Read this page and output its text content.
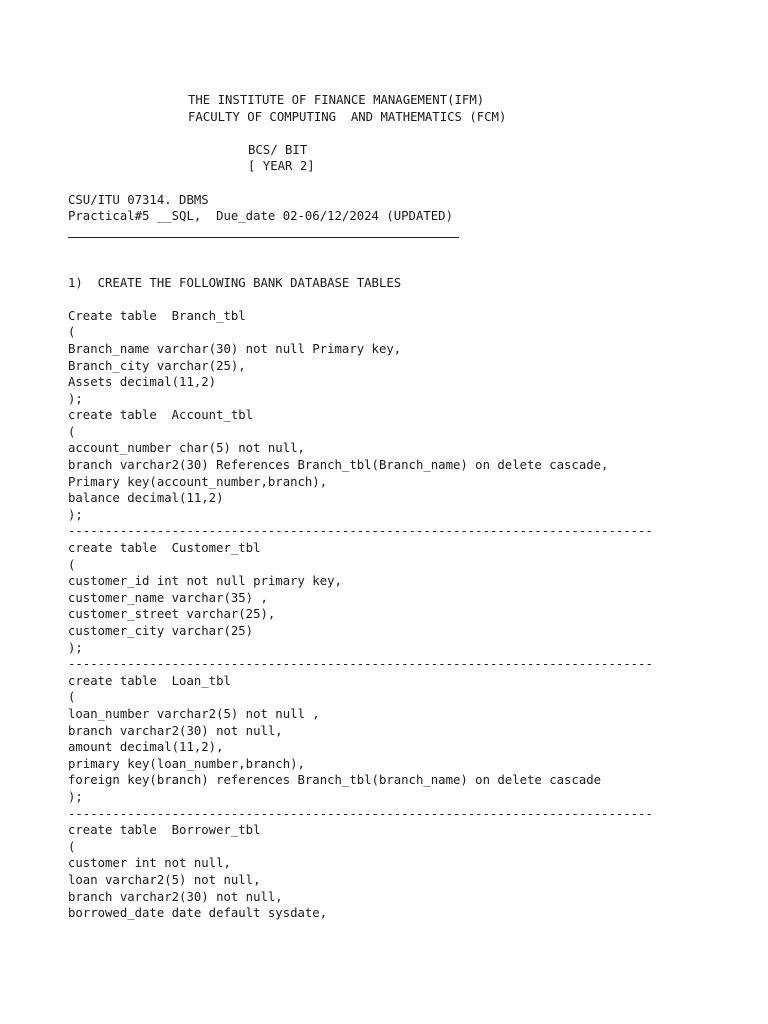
THE INSTITUTE OF FINANCE MANAGEMENT(IFM)
FACULTY OF COMPUTING  AND MATHEMATICS (FCM)
BCS/ BIT
[ YEAR 2]
CSU/ITU 07314. DBMS
Practical#5 __SQL,  Due_date 02-06/12/2024 (UPDATED)
1)  CREATE THE FOLLOWING BANK DATABASE TABLES
Create table  Branch_tbl
(
Branch_name varchar(30) not null Primary key,
Branch_city varchar(25),
Assets decimal(11,2)
);
create table  Account_tbl
(
account_number char(5) not null,
branch varchar2(30) References Branch_tbl(Branch_name) on delete cascade,
Primary key(account_number,branch),
balance decimal(11,2)
);
-------------------------------------------------------------------------------
create table  Customer_tbl
(
customer_id int not null primary key,
customer_name varchar(35) ,
customer_street varchar(25),
customer_city varchar(25)
);
-------------------------------------------------------------------------------
create table  Loan_tbl
(
loan_number varchar2(5) not null ,
branch varchar2(30) not null,
amount decimal(11,2),
primary key(loan_number,branch),
foreign key(branch) references Branch_tbl(branch_name) on delete cascade
);
-------------------------------------------------------------------------------
create table  Borrower_tbl
(
customer int not null,
loan varchar2(5) not null,
branch varchar2(30) not null,
borrowed_date date default sysdate,
